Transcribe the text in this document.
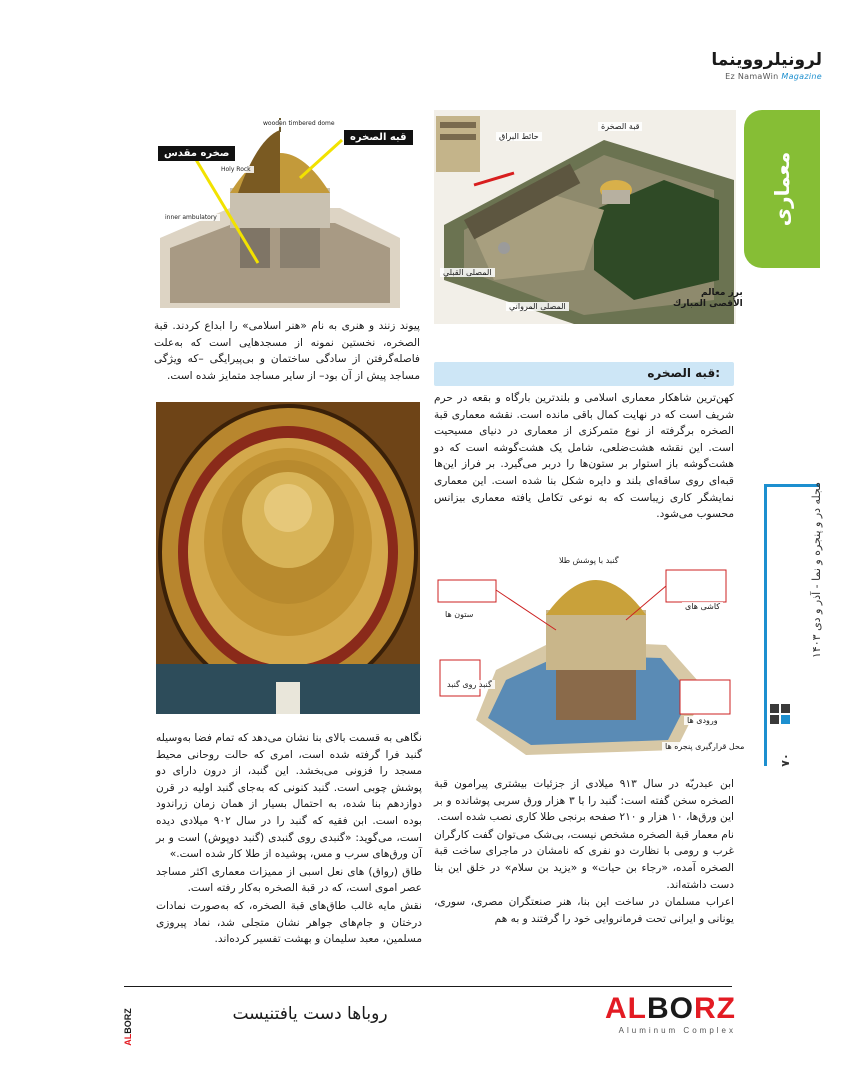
لرونیلرووینما
Ez NamaWin Magazine
معماری
حائط البراق
قبة الصخرة
المصلی القبلي
المصلی المرواني
برز معالم
الأقصى المبارك
قبه الصخره
صخره مقدس
wooden timbered dome
Holy Rock
inner ambulatory

پیوند زنند و هنری به نام «هنر اسلامی» را ابداع کردند. قبة الصخره، نخستین نمونه از مسجدهایی است که به‌علت فاصله‌گرفتن از سادگی ساختمان و بی‌پیرایگی –که ویژگی مساجد پیش از آن بود– از سایر مساجد متمایز شده است.	قبه الصخره:

کهن‌ترین شاهکار معماری اسلامی و بلندترین بارگاه و بقعه در حرم شریف است که در نهایت کمال باقی مانده است. نقشه معماری قبة الصخره برگرفته از نوع متمرکزی از معماری در دنیای مسیحیت است. این نقشه هشت‌ضلعی، شامل یک هشت‌گوشه است که دو هشت‌گوشه باز استوار بر ستون‌ها را دربر می‌گیرد. بر فراز این‌ها قبه‌ای روی ساقه‌ای بلند و دایره شکل بنا شده است. این معماری نمایشگر کاری زیباست که به نوعی تکامل یافته معماری بیزانس محسوب می‌شود.

گنبد با پوشش طلا
ستون ها
گنبد روی گنبد
کاشی های
ورودی ها
محل قرارگیری پنجره ها
مجله در و پنجره و نما - آذر و دی ۱۴۰۳
۷۰

نگاهی به قسمت بالای بنا نشان می‌دهد که تمام فضا به‌وسیله گنبد فرا گرفته شده است، امری که حالت روحانی محیط مسجد را فزونی می‌بخشد. این گنبد، از درون دارای دو پوشش چوبی است. گنبد کنونی که به‌جای گنبد اولیه در قرن دوازدهم بنا شده، به احتمال بسیار از همان زمان زراندود بوده است. ابن فقیه که گنبد را در سال ۹۰۲ میلادی دیده است، می‌گوید: «گنبدی روی گنبدی (گنبد دوپوش) است و بر آن ورق‌های سرب و مس، پوشیده از طلا کار شده است.»

طاق (رواق) های نعل اسبی از ممیزات معماری اکثر مساجد عصر اموی است، که در قبة الصخره به‌کار رفته است.

نقش مایه غالب طاق‌های قبة الصخره، که به‌صورت نمادات درختان و جام‌های جواهر نشان متجلی شد، نماد پیروزی مسلمین، معبد سلیمان و بهشت تفسیر کرده‌اند.

ابن عبدربّه در سال ۹۱۳ میلادی از جزئیات بیشتری پیرامون قبة الصخره سخن گفته است: گنبد را با ۳ هزار ورق سربی پوشانده و بر این ورق‌ها، ۱۰ هزار و ۲۱۰ صفحه برنجی طلا کاری نصب شده است.

نام معمار قبة الصخره مشخص نیست، بی‌شک می‌توان گفت کارگران غرب و رومی با نظارت دو نفری که نامشان در ماجرای ساخت قبة الصخره آمده، «رجاء بن حیات» و «یزید بن سلام» در خلق این بنا دست داشته‌اند.

اعراب مسلمان در ساخت این بنا، هنر صنعتگران مصری، سوری، یونانی و ایرانی تحت فرمانروایی خود را گرفتند و به هم

روباها دست یافتنیست	ALBORZ
Aluminum Complex
ALBORZ
